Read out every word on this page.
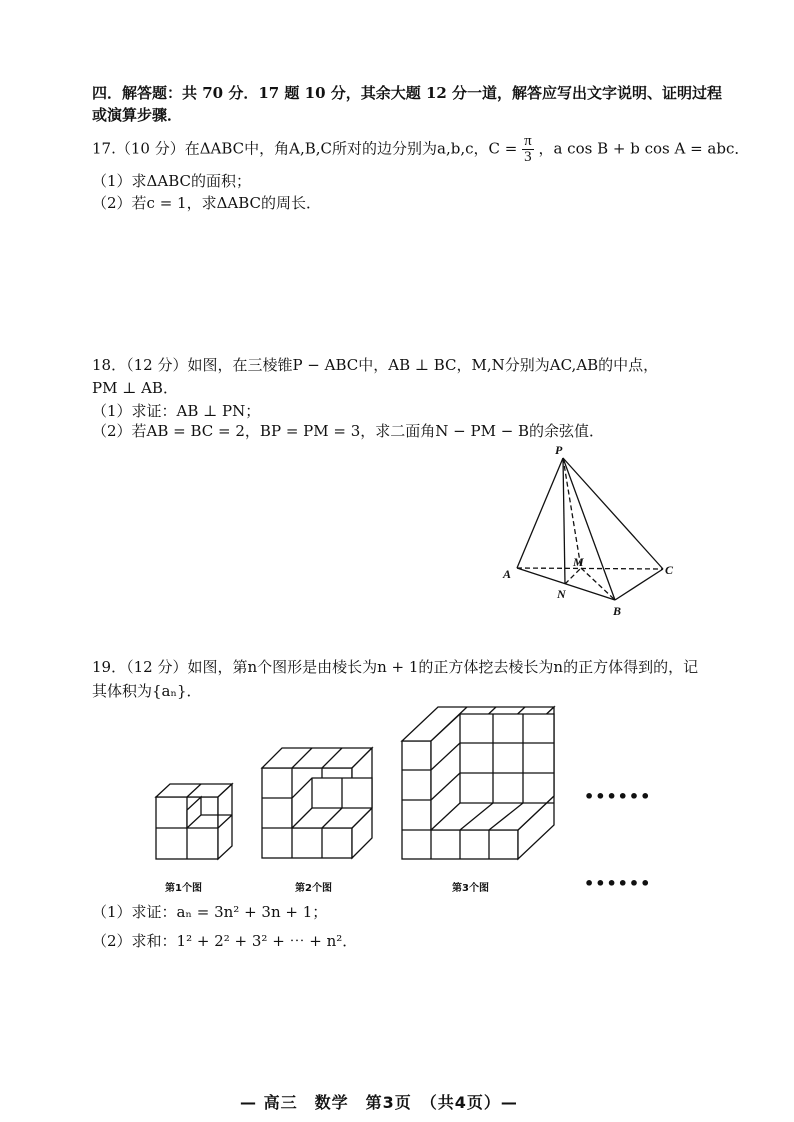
四．解答题：共 70 分．17 题 10 分，其余大题 12 分一道，解答应写出文字说明、证明过程

或演算步骤．

17.（10 分）在ΔABC中，角A,B,C所对的边分别为a,b,c，$C = \frac{\pi}{3}$ ，a cos B + b cos A = abc．

（1）求ΔABC的面积；

（2）若c = 1，求ΔABC的周长．

18．（12 分）如图，在三棱锥P − ABC中，AB ⊥ BC，M,N分别为AC,AB的中点，

PM ⊥ AB．

（1）求证：AB ⊥ PN；

（2）若AB = BC = 2，BP = PM = 3，求二面角N − PM − B的余弦值．

P
A
B
C
M
N

19．（12 分）如图，第n个图形是由棱长为n + 1的正方体挖去棱长为n的正方体得到的，记

其体积为{aₙ}．

••••••
••••••
第1个图	第2个图	第3个图

（1）求证：aₙ = 3n² + 3n + 1；

（2）求和：1² + 2² + 3² + ⋯ + n²．

— 高三　数学　第3页　（共4页）—
